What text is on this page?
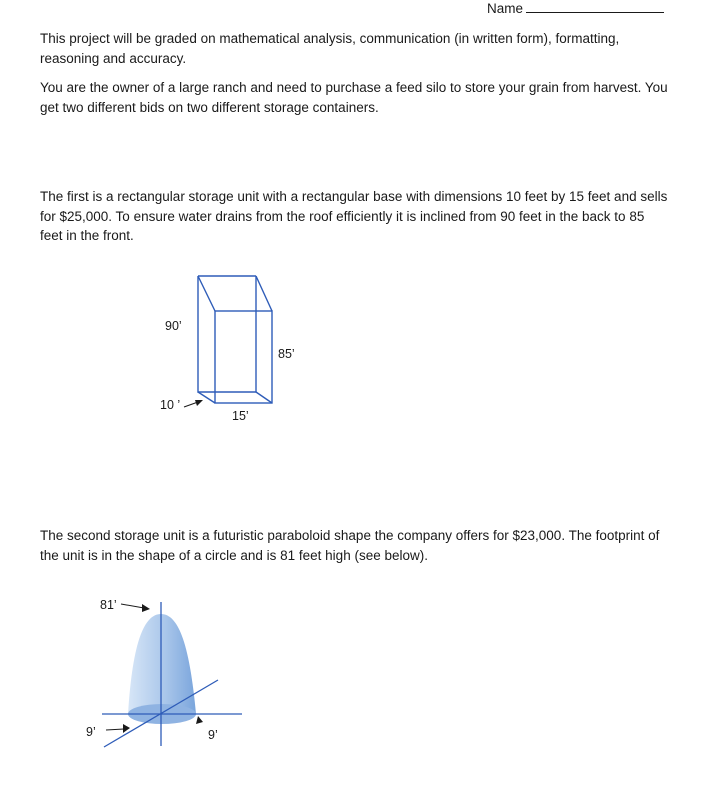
Name

This project will be graded on mathematical analysis, communication (in written form), formatting, reasoning and accuracy.

You are the owner of a large ranch and need to purchase a feed silo to store your grain from harvest. You get two different bids on two different storage containers.

The first is a rectangular storage unit with a rectangular base with dimensions 10 feet by 15 feet and sells for $25,000. To ensure water drains from the roof efficiently it is inclined from 90 feet in the back to 85 feet in the front.

90’
85’
10 ’
15’

The second storage unit is a futuristic paraboloid shape the company offers for $23,000. The footprint of the unit is in the shape of a circle and is 81 feet high (see below).

81’
9’	9’
